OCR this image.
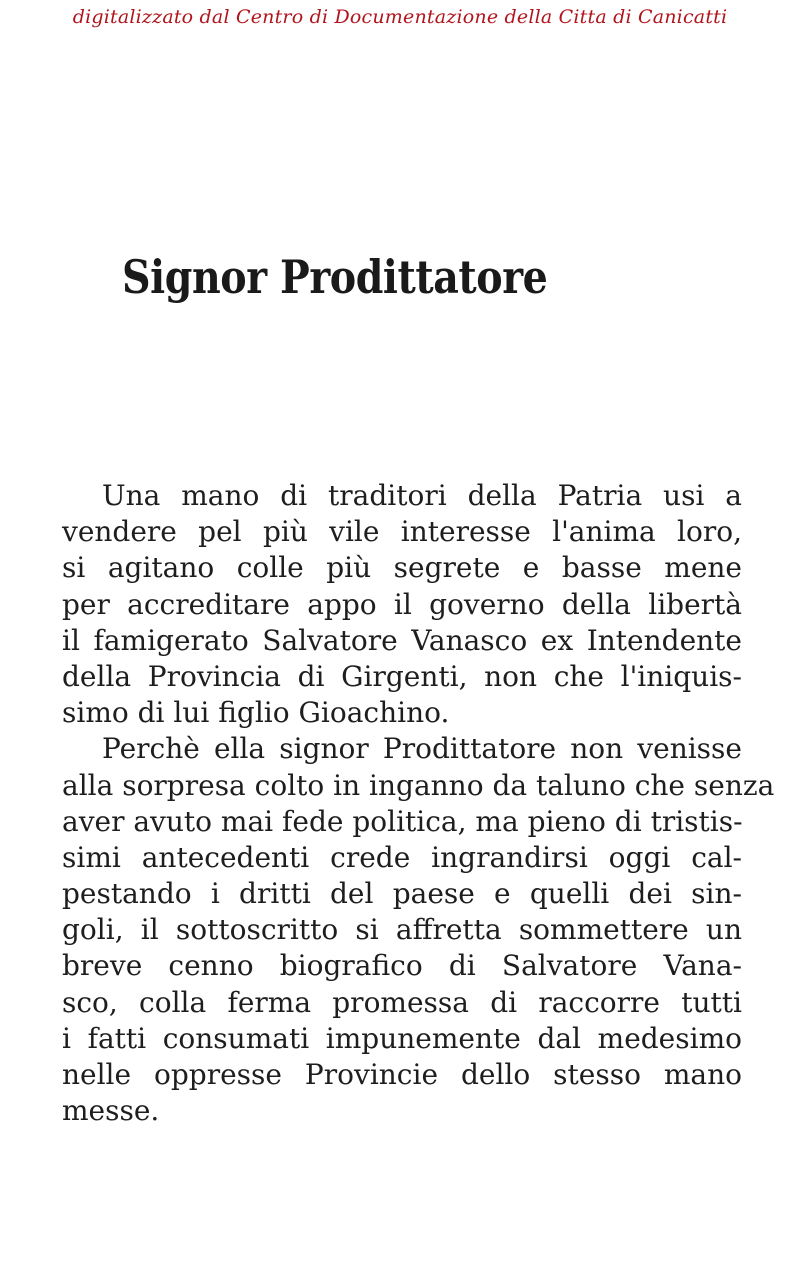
digitalizzato dal Centro di Documentazione della Citta di Canicatti
Signor Prodittatore
Una mano di traditori della Patria usi a
vendere pel più vile interesse l'anima loro,
si agitano colle più segrete e basse mene
per accreditare appo il governo della libertà
il famigerato Salvatore Vanasco ex Intendente
della Provincia di Girgenti, non che l'iniquis-
simo di lui figlio Gioachino.
Perchè ella signor Prodittatore non venisse
alla sorpresa colto in inganno da taluno che senza
aver avuto mai fede politica, ma pieno di tristis-
simi antecedenti crede ingrandirsi oggi cal-
pestando i dritti del paese e quelli dei sin-
goli, il sottoscritto si affretta sommettere un
breve cenno biografico di Salvatore Vana-
sco, colla ferma promessa di raccorre tutti
i fatti consumati impunemente dal medesimo
nelle oppresse Provincie dello stesso mano
messe.
